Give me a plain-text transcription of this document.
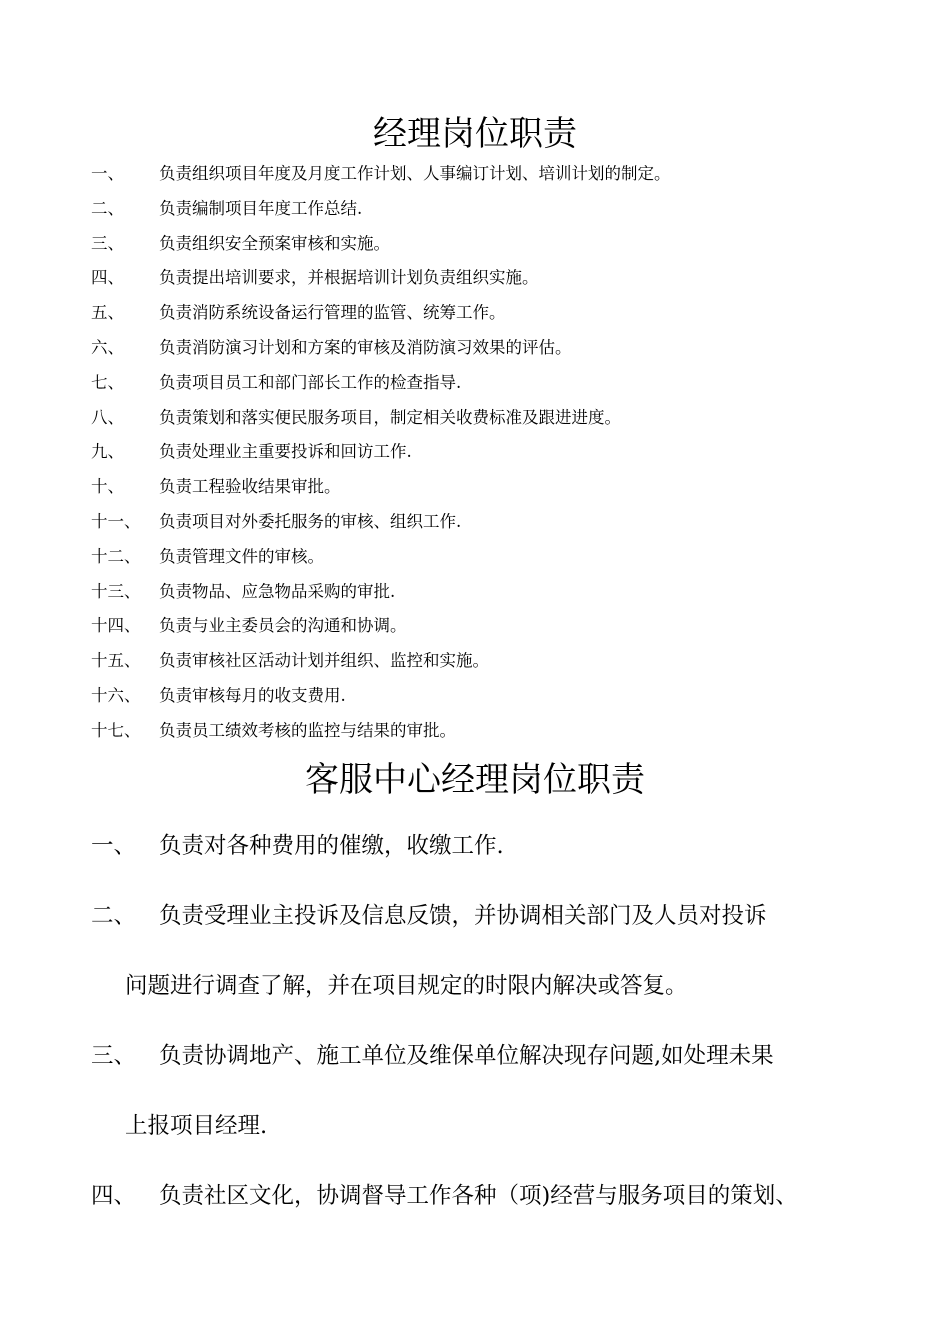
经理岗位职责
一、 负责组织项目年度及月度工作计划、人事编订计划、培训计划的制定。
二、 负责编制项目年度工作总结.
三、 负责组织安全预案审核和实施。
四、 负责提出培训要求，并根据培训计划负责组织实施。
五、 负责消防系统设备运行管理的监管、统筹工作。
六、 负责消防演习计划和方案的审核及消防演习效果的评估。
七、 负责项目员工和部门部长工作的检查指导.
八、 负责策划和落实便民服务项目，制定相关收费标准及跟进进度。
九、 负责处理业主重要投诉和回访工作.
十、 负责工程验收结果审批。
十一、 负责项目对外委托服务的审核、组织工作.
十二、 负责管理文件的审核。
十三、 负责物品、应急物品采购的审批.
十四、 负责与业主委员会的沟通和协调。
十五、 负责审核社区活动计划并组织、监控和实施。
十六、 负责审核每月的收支费用.
十七、 负责员工绩效考核的监控与结果的审批。
客服中心经理岗位职责
一、 负责对各种费用的催缴，收缴工作.
二、 负责受理业主投诉及信息反馈，并协调相关部门及人员对投诉
问题进行调查了解，并在项目规定的时限内解决或答复。
三、 负责协调地产、施工单位及维保单位解决现存问题,如处理未果
上报项目经理.
四、 负责社区文化，协调督导工作各种（项)经营与服务项目的策划、
